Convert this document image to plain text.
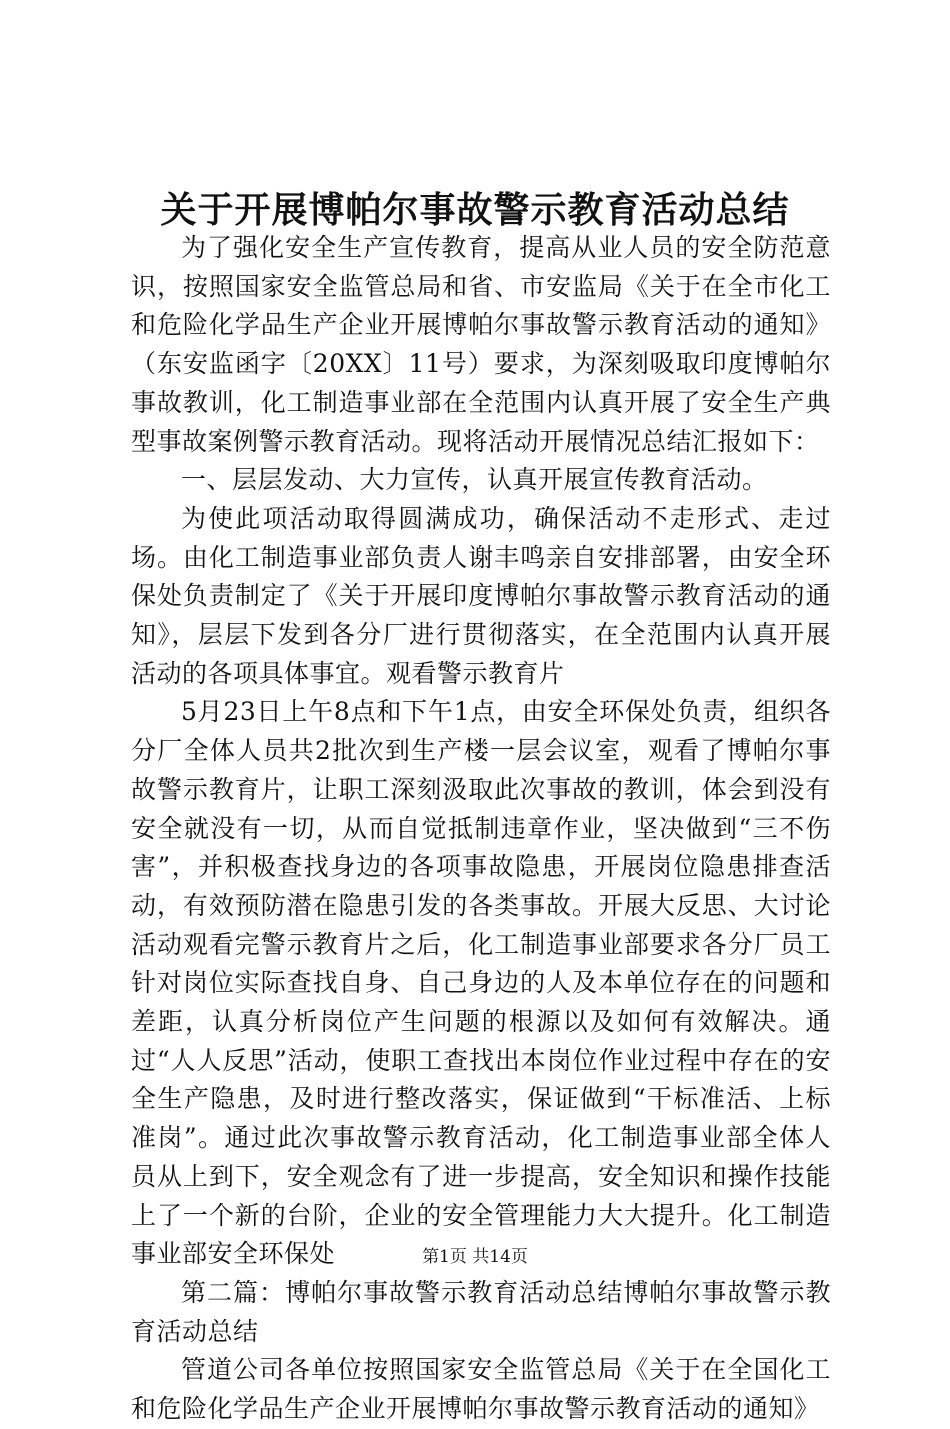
关于开展博帕尔事故警示教育活动总结

为了强化安全生产宣传教育，提高从业人员的安全防范意识，按照国家安全监管总局和省、市安监局《关于在全市化工和危险化学品生产企业开展博帕尔事故警示教育活动的通知》（东安监函字〔20XX〕11号）要求，为深刻吸取印度博帕尔事故教训，化工制造事业部在全范围内认真开展了安全生产典型事故案例警示教育活动。现将活动开展情况总结汇报如下：

一、层层发动、大力宣传，认真开展宣传教育活动。

为使此项活动取得圆满成功，确保活动不走形式、走过场。由化工制造事业部负责人谢丰鸣亲自安排部署，由安全环保处负责制定了《关于开展印度博帕尔事故警示教育活动的通知》，层层下发到各分厂进行贯彻落实，在全范围内认真开展活动的各项具体事宜。观看警示教育片

5月23日上午8点和下午1点，由安全环保处负责，组织各分厂全体人员共2批次到生产楼一层会议室，观看了博帕尔事故警示教育片，让职工深刻汲取此次事故的教训，体会到没有安全就没有一切，从而自觉抵制违章作业，坚决做到“三不伤害”，并积极查找身边的各项事故隐患，开展岗位隐患排查活动，有效预防潜在隐患引发的各类事故。开展大反思、大讨论活动观看完警示教育片之后，化工制造事业部要求各分厂员工针对岗位实际查找自身、自己身边的人及本单位存在的问题和差距，认真分析岗位产生问题的根源以及如何有效解决。通过“人人反思”活动，使职工查找出本岗位作业过程中存在的安全生产隐患，及时进行整改落实，保证做到“干标准活、上标准岗”。通过此次事故警示教育活动，化工制造事业部全体人员从上到下，安全观念有了进一步提高，安全知识和操作技能上了一个新的台阶，企业的安全管理能力大大提升。化工制造事业部安全环保处

第二篇：博帕尔事故警示教育活动总结博帕尔事故警示教育活动总结

管道公司各单位按照国家安全监管总局《关于在全国化工和危险化学品生产企业开展博帕尔事故警示教育活动的通知》

第1页 共14页
